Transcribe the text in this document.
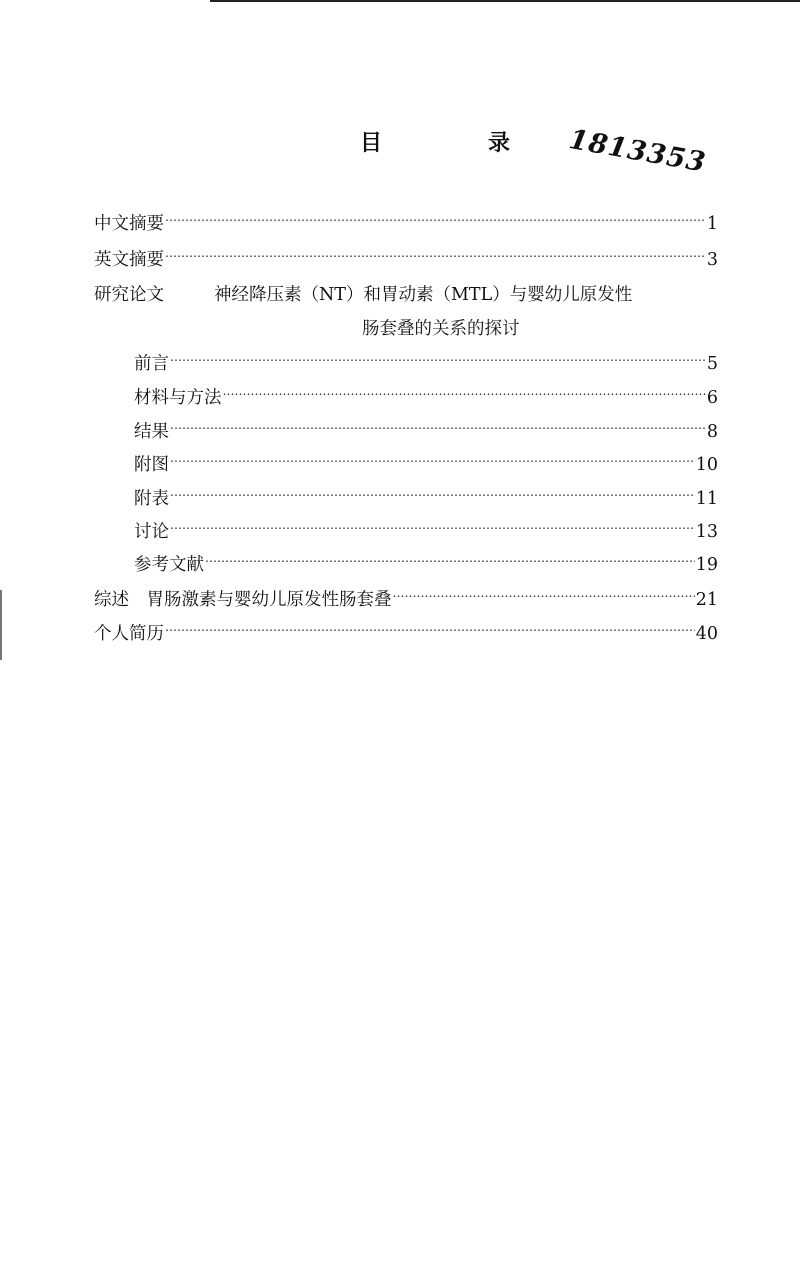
目　录 1813353
中文摘要 ……………………………………………………………………………………………………………………………………………………………………………………	1
英文摘要 ……………………………………………………………………………………………………………………………………………………………………………………	3
研究论文	神经降压素（NT）和胃动素（MTL）与婴幼儿原发性
肠套叠的关系的探讨
前言 ……………………………………………………………………………………………………………………………………………………………………………………	5
材料与方法 ……………………………………………………………………………………………………………………………………………………………………………………	6
结果 ……………………………………………………………………………………………………………………………………………………………………………………	8
附图 ……………………………………………………………………………………………………………………………………………………………………………………	10
附表 ……………………………………………………………………………………………………………………………………………………………………………………	11
讨论 ……………………………………………………………………………………………………………………………………………………………………………………	13
参考文献 ……………………………………………………………………………………………………………………………………………………………………………………	19
综述　胃肠激素与婴幼儿原发性肠套叠 ……………………………………………………………………………………………………………………………………………………………………………………	21
个人简历 ……………………………………………………………………………………………………………………………………………………………………………………	40
